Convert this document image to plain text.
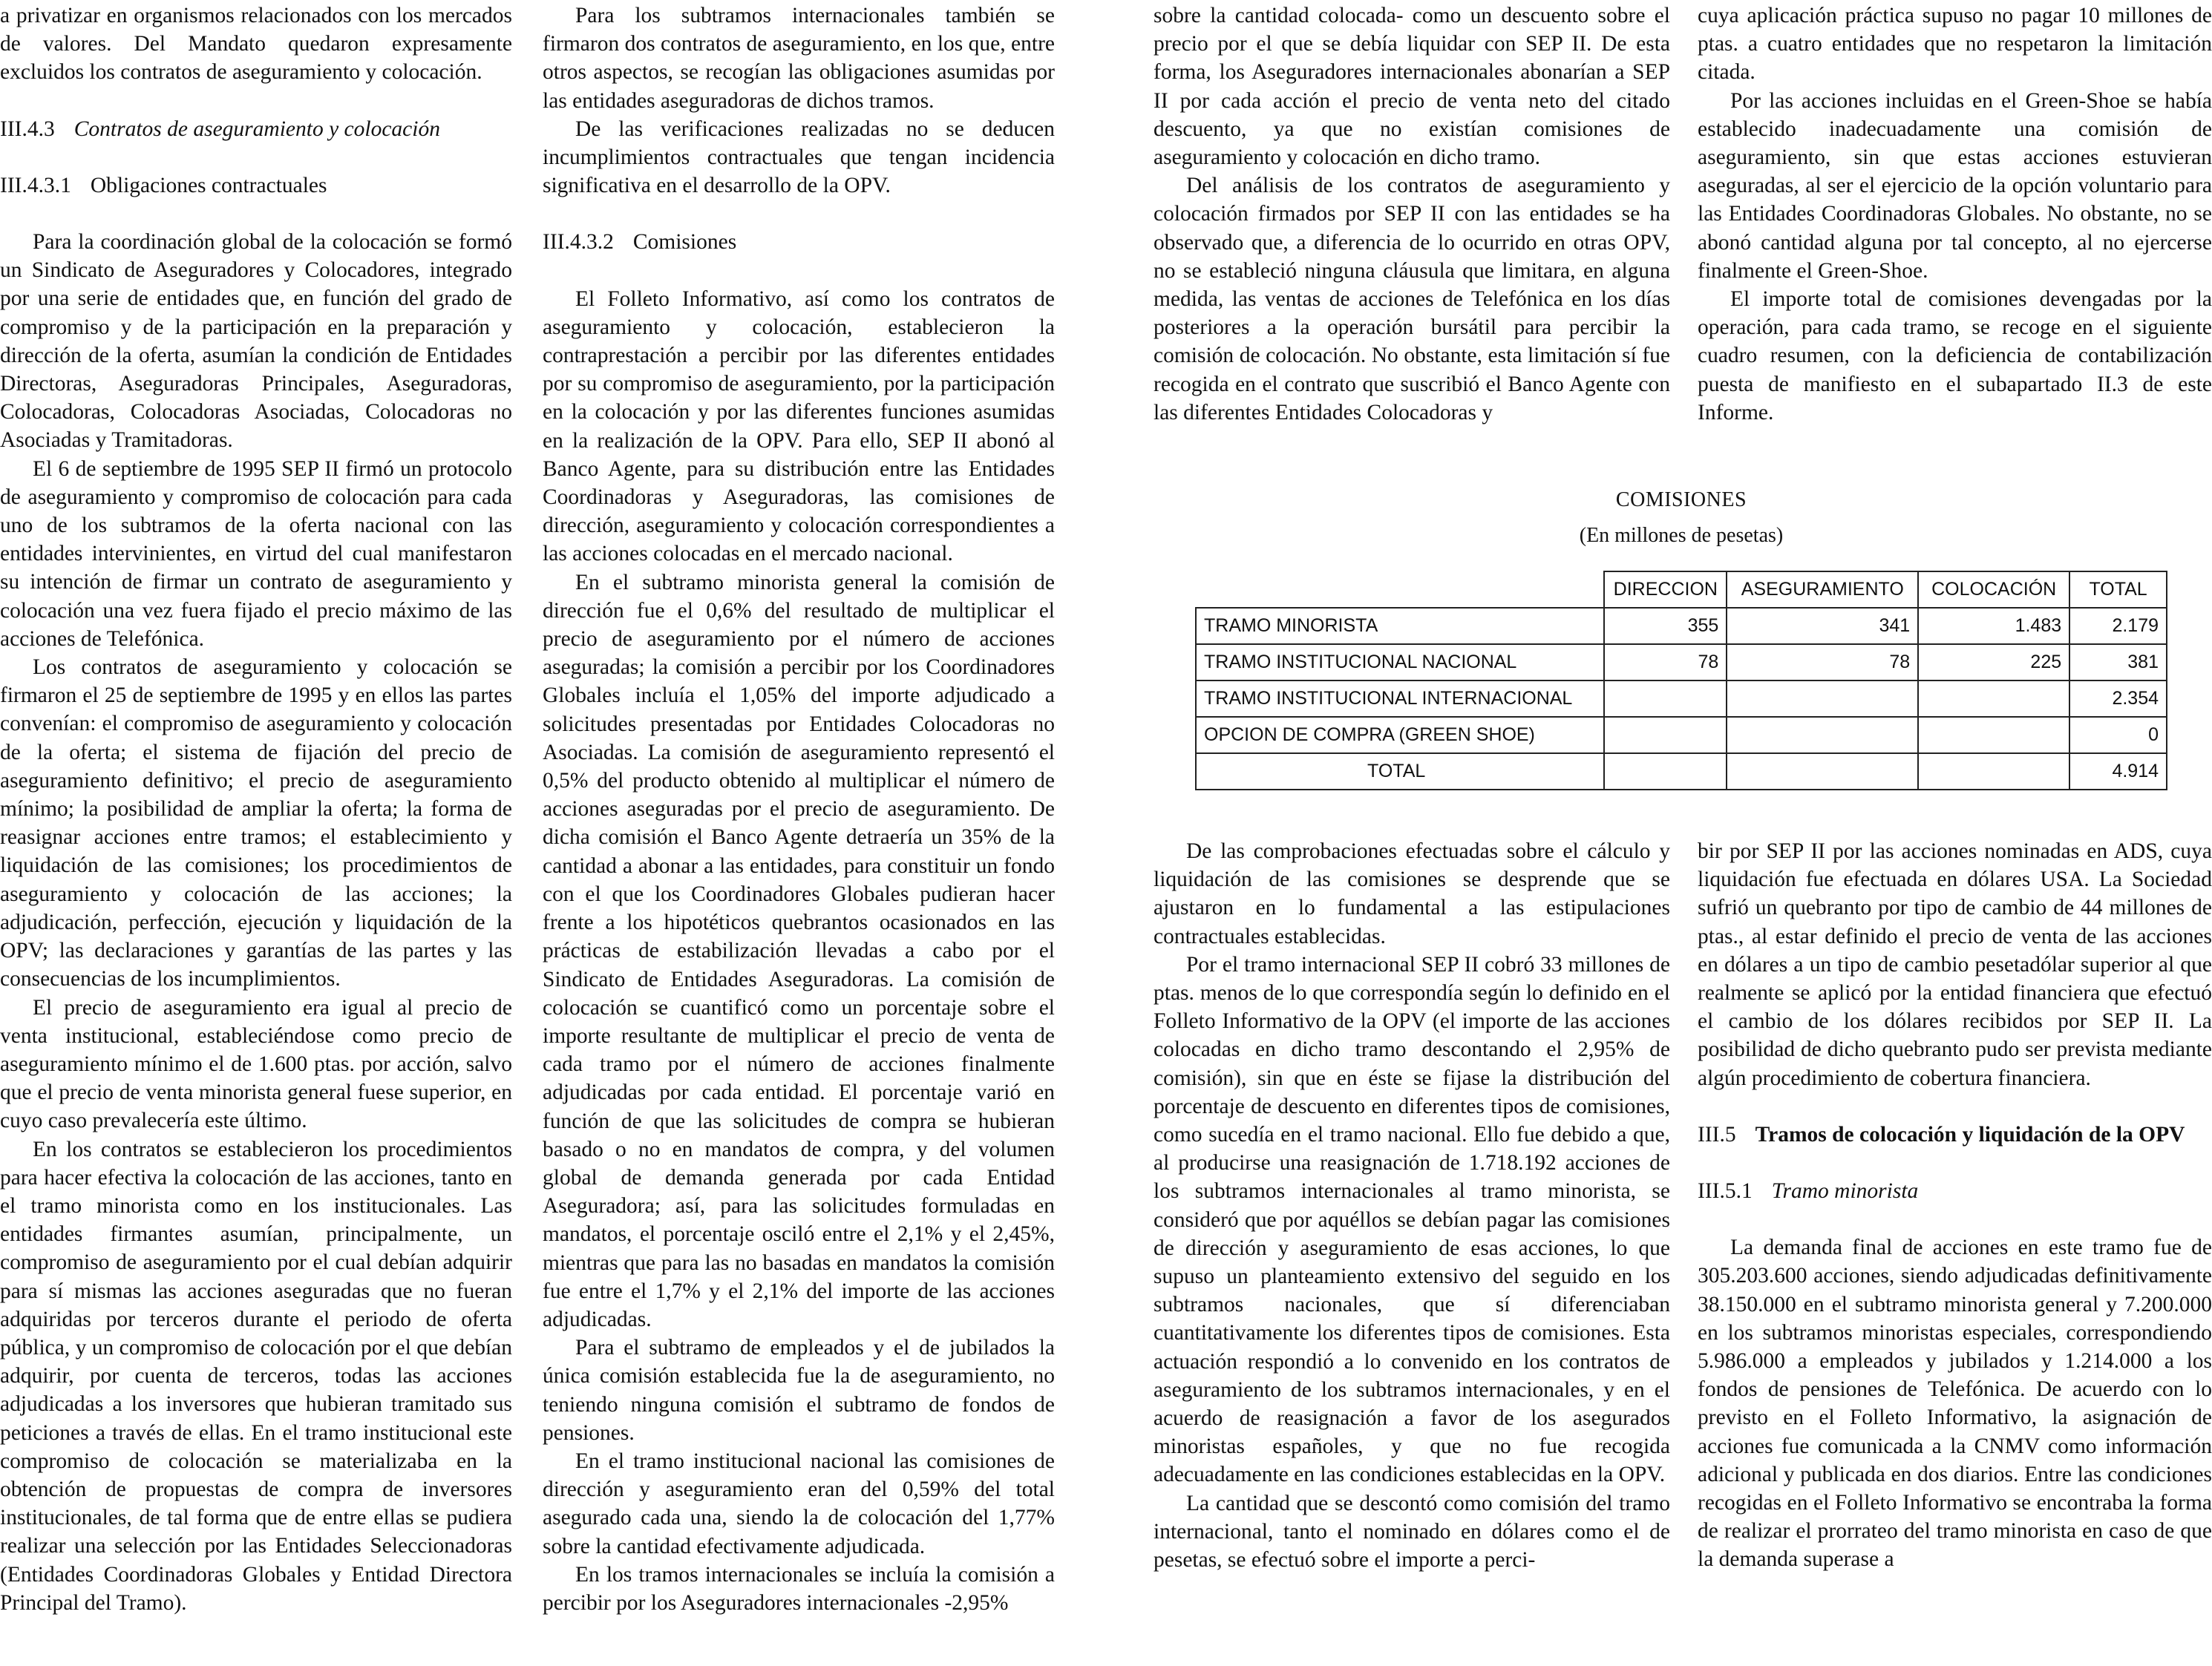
a privatizar en organismos relacionados con los mercados de valores. Del Mandato quedaron expresamente excluidos los contratos de aseguramiento y colocación.

III.4.3 Contratos de aseguramiento y colocación

III.4.3.1 Obligaciones contractuales

Para la coordinación global de la colocación se formó un Sindicato de Aseguradores y Colocadores, integrado por una serie de entidades que, en función del grado de compromiso y de la participación en la preparación y dirección de la oferta, asumían la condición de Entidades Directoras, Aseguradoras Principales, Aseguradoras, Colocadoras, Colocadoras Asociadas, Colocadoras no Asociadas y Tramitadoras.

El 6 de septiembre de 1995 SEP II firmó un protocolo de aseguramiento y compromiso de colocación para cada uno de los subtramos de la oferta nacional con las entidades intervinientes, en virtud del cual manifestaron su intención de firmar un contrato de aseguramiento y colocación una vez fuera fijado el precio máximo de las acciones de Telefónica.

Los contratos de aseguramiento y colocación se firmaron el 25 de septiembre de 1995 y en ellos las partes convenían: el compromiso de aseguramiento y colocación de la oferta; el sistema de fijación del precio de aseguramiento definitivo; el precio de aseguramiento mínimo; la posibilidad de ampliar la oferta; la forma de reasignar acciones entre tramos; el establecimiento y liquidación de las comisiones; los procedimientos de aseguramiento y colocación de las acciones; la adjudicación, perfección, ejecución y liquidación de la OPV; las declaraciones y garantías de las partes y las consecuencias de los incumplimientos.

El precio de aseguramiento era igual al precio de venta institucional, estableciéndose como precio de aseguramiento mínimo el de 1.600 ptas. por acción, salvo que el precio de venta minorista general fuese superior, en cuyo caso prevalecería este último.

En los contratos se establecieron los procedimientos para hacer efectiva la colocación de las acciones, tanto en el tramo minorista como en los institucionales. Las entidades firmantes asumían, principalmente, un compromiso de aseguramiento por el cual debían adquirir para sí mismas las acciones aseguradas que no fueran adquiridas por terceros durante el periodo de oferta pública, y un compromiso de colocación por el que debían adquirir, por cuenta de terceros, todas las acciones adjudicadas a los inversores que hubieran tramitado sus peticiones a través de ellas. En el tramo institucional este compromiso de colocación se materializaba en la obtención de propuestas de compra de inversores institucionales, de tal forma que de entre ellas se pudiera realizar una selección por las Entidades Seleccionadoras (Entidades Coordinadoras Globales y Entidad Directora Principal del Tramo).

Para los subtramos internacionales también se firmaron dos contratos de aseguramiento, en los que, entre otros aspectos, se recogían las obligaciones asumidas por las entidades aseguradoras de dichos tramos.

De las verificaciones realizadas no se deducen incumplimientos contractuales que tengan incidencia significativa en el desarrollo de la OPV.

III.4.3.2 Comisiones

El Folleto Informativo, así como los contratos de aseguramiento y colocación, establecieron la contraprestación a percibir por las diferentes entidades por su compromiso de aseguramiento, por la participación en la colocación y por las diferentes funciones asumidas en la realización de la OPV. Para ello, SEP II abonó al Banco Agente, para su distribución entre las Entidades Coordinadoras y Aseguradoras, las comisiones de dirección, aseguramiento y colocación correspondientes a las acciones colocadas en el mercado nacional.

En el subtramo minorista general la comisión de dirección fue el 0,6% del resultado de multiplicar el precio de aseguramiento por el número de acciones aseguradas; la comisión a percibir por los Coordinadores Globales incluía el 1,05% del importe adjudicado a solicitudes presentadas por Entidades Colocadoras no Asociadas. La comisión de aseguramiento representó el 0,5% del producto obtenido al multiplicar el número de acciones aseguradas por el precio de aseguramiento. De dicha comisión el Banco Agente detraería un 35% de la cantidad a abonar a las entidades, para constituir un fondo con el que los Coordinadores Globales pudieran hacer frente a los hipotéticos quebrantos ocasionados en las prácticas de estabilización llevadas a cabo por el Sindicato de Entidades Aseguradoras. La comisión de colocación se cuantificó como un porcentaje sobre el importe resultante de multiplicar el precio de venta de cada tramo por el número de acciones finalmente adjudicadas por cada entidad. El porcentaje varió en función de que las solicitudes de compra se hubieran basado o no en mandatos de compra, y del volumen global de demanda generada por cada Entidad Aseguradora; así, para las solicitudes formuladas en mandatos, el porcentaje osciló entre el 2,1% y el 2,45%, mientras que para las no basadas en mandatos la comisión fue entre el 1,7% y el 2,1% del importe de las acciones adjudicadas.

Para el subtramo de empleados y el de jubilados la única comisión establecida fue la de aseguramiento, no teniendo ninguna comisión el subtramo de fondos de pensiones.

En el tramo institucional nacional las comisiones de dirección y aseguramiento eran del 0,59% del total asegurado cada una, siendo la de colocación del 1,77% sobre la cantidad efectivamente adjudicada.

En los tramos internacionales se incluía la comisión a percibir por los Aseguradores internacionales -2,95%

sobre la cantidad colocada- como un descuento sobre el precio por el que se debía liquidar con SEP II. De esta forma, los Aseguradores internacionales abonarían a SEP II por cada acción el precio de venta neto del citado descuento, ya que no existían comisiones de aseguramiento y colocación en dicho tramo.

Del análisis de los contratos de aseguramiento y colocación firmados por SEP II con las entidades se ha observado que, a diferencia de lo ocurrido en otras OPV, no se estableció ninguna cláusula que limitara, en alguna medida, las ventas de acciones de Telefónica en los días posteriores a la operación bursátil para percibir la comisión de colocación. No obstante, esta limitación sí fue recogida en el contrato que suscribió el Banco Agente con las diferentes Entidades Colocadoras y

cuya aplicación práctica supuso no pagar 10 millones de ptas. a cuatro entidades que no respetaron la limitación citada.

Por las acciones incluidas en el Green-Shoe se había establecido inadecuadamente una comisión de aseguramiento, sin que estas acciones estuvieran aseguradas, al ser el ejercicio de la opción voluntario para las Entidades Coordinadoras Globales. No obstante, no se abonó cantidad alguna por tal concepto, al no ejercerse finalmente el Green-Shoe.

El importe total de comisiones devengadas por la operación, para cada tramo, se recoge en el siguiente cuadro resumen, con la deficiencia de contabilización puesta de manifiesto en el subapartado II.3 de este Informe.

COMISIONES
(En millones de pesetas)
	DIRECCION	ASEGURAMIENTO	COLOCACIÓN	TOTAL
TRAMO MINORISTA	355	341	1.483	2.179
TRAMO INSTITUCIONAL NACIONAL	78	78	225	381
TRAMO INSTITUCIONAL INTERNACIONAL				2.354
OPCION DE COMPRA (GREEN SHOE)				0
TOTAL				4.914

De las comprobaciones efectuadas sobre el cálculo y liquidación de las comisiones se desprende que se ajustaron en lo fundamental a las estipulaciones contractuales establecidas.

Por el tramo internacional SEP II cobró 33 millones de ptas. menos de lo que correspondía según lo definido en el Folleto Informativo de la OPV (el importe de las acciones colocadas en dicho tramo descontando el 2,95% de comisión), sin que en éste se fijase la distribución del porcentaje de descuento en diferentes tipos de comisiones, como sucedía en el tramo nacional. Ello fue debido a que, al producirse una reasignación de 1.718.192 acciones de los subtramos internacionales al tramo minorista, se consideró que por aquéllos se debían pagar las comisiones de dirección y aseguramiento de esas acciones, lo que supuso un planteamiento extensivo del seguido en los subtramos nacionales, que sí diferenciaban cuantitativamente los diferentes tipos de comisiones. Esta actuación respondió a lo convenido en los contratos de aseguramiento de los subtramos internacionales, y en el acuerdo de reasignación a favor de los asegurados minoristas españoles, y que no fue recogida adecuadamente en las condiciones establecidas en la OPV.

La cantidad que se descontó como comisión del tramo internacional, tanto el nominado en dólares como el de pesetas, se efectuó sobre el importe a perci-

bir por SEP II por las acciones nominadas en ADS, cuya liquidación fue efectuada en dólares USA. La Sociedad sufrió un quebranto por tipo de cambio de 44 millones de ptas., al estar definido el precio de venta de las acciones en dólares a un tipo de cambio pesetadólar superior al que realmente se aplicó por la entidad financiera que efectuó el cambio de los dólares recibidos por SEP II. La posibilidad de dicho quebranto pudo ser prevista mediante algún procedimiento de cobertura financiera.

III.5 Tramos de colocación y liquidación de la OPV

III.5.1 Tramo minorista

La demanda final de acciones en este tramo fue de 305.203.600 acciones, siendo adjudicadas definitivamente 38.150.000 en el subtramo minorista general y 7.200.000 en los subtramos minoristas especiales, correspondiendo 5.986.000 a empleados y jubilados y 1.214.000 a los fondos de pensiones de Telefónica. De acuerdo con lo previsto en el Folleto Informativo, la asignación de acciones fue comunicada a la CNMV como información adicional y publicada en dos diarios. Entre las condiciones recogidas en el Folleto Informativo se encontraba la forma de realizar el prorrateo del tramo minorista en caso de que la demanda superase a
